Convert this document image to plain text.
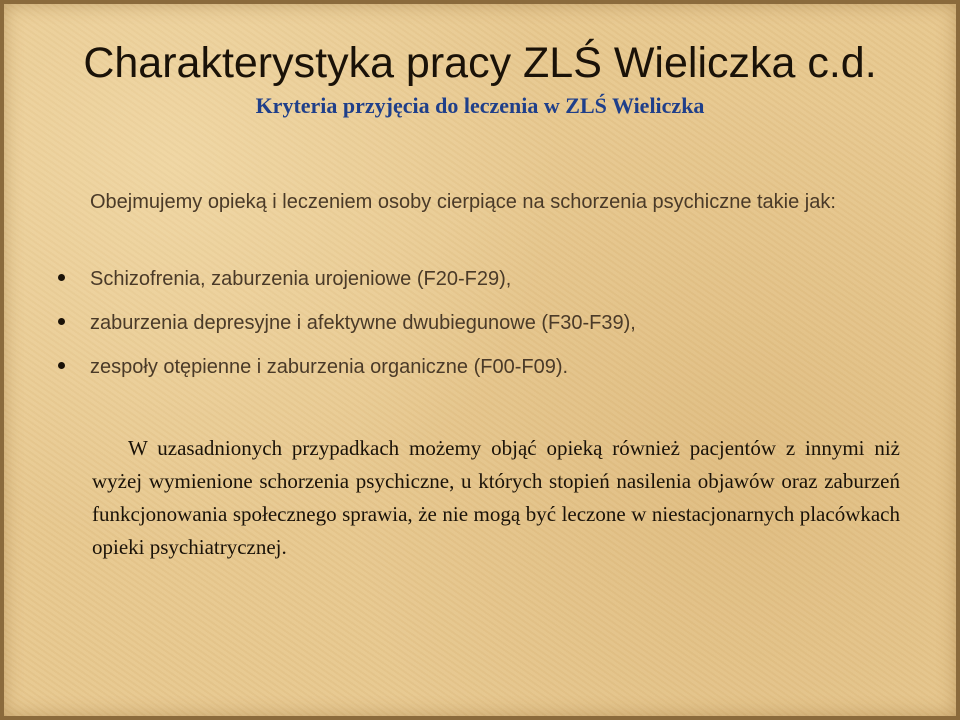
Charakterystyka pracy ZLŚ Wieliczka c.d.
Kryteria przyjęcia do leczenia w ZLŚ Wieliczka

Obejmujemy opieką i leczeniem osoby cierpiące na schorzenia psychiczne takie jak:

Schizofrenia, zaburzenia urojeniowe (F20-F29),
zaburzenia depresyjne i afektywne dwubiegunowe (F30-F39),
zespoły otępienne i zaburzenia organiczne (F00-F09).

W uzasadnionych przypadkach możemy objąć opieką również pacjentów z innymi niż wyżej wymienione schorzenia psychiczne, u których stopień nasilenia objawów oraz zaburzeń funkcjonowania społecznego sprawia, że nie mogą być leczone w niestacjonarnych placówkach opieki psychiatrycznej.
